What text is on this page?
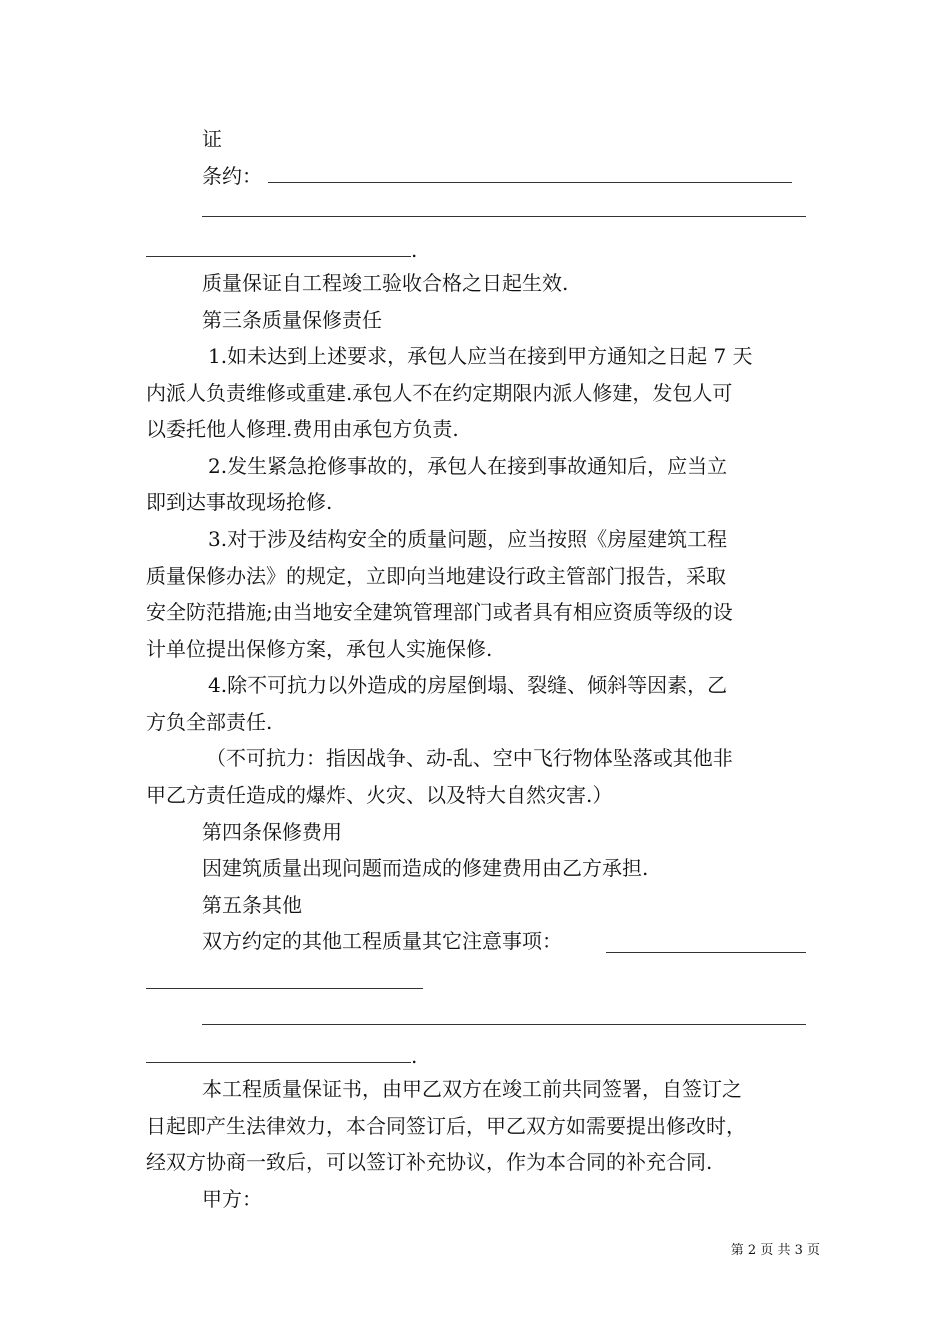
证
条约：
.
质量保证自工程竣工验收合格之日起生效.
第三条质量保修责任
1.如未达到上述要求，承包人应当在接到甲方通知之日起 7 天
内派人负责维修或重建.承包人不在约定期限内派人修建，发包人可
以委托他人修理.费用由承包方负责.
2.发生紧急抢修事故的，承包人在接到事故通知后，应当立
即到达事故现场抢修.
3.对于涉及结构安全的质量问题，应当按照《房屋建筑工程
质量保修办法》的规定，立即向当地建设行政主管部门报告，采取
安全防范措施;由当地安全建筑管理部门或者具有相应资质等级的设
计单位提出保修方案，承包人实施保修.
4.除不可抗力以外造成的房屋倒塌、裂缝、倾斜等因素，乙
方负全部责任.
（不可抗力：指因战争、动-乱、空中飞行物体坠落或其他非
甲乙方责任造成的爆炸、火灾、以及特大自然灾害.）
第四条保修费用
因建筑质量出现问题而造成的修建费用由乙方承担.
第五条其他
双方约定的其他工程质量其它注意事项：
.
本工程质量保证书，由甲乙双方在竣工前共同签署，自签订之
日起即产生法律效力，本合同签订后，甲乙双方如需要提出修改时，
经双方协商一致后，可以签订补充协议，作为本合同的补充合同.
甲方：
第 2 页 共 3 页
